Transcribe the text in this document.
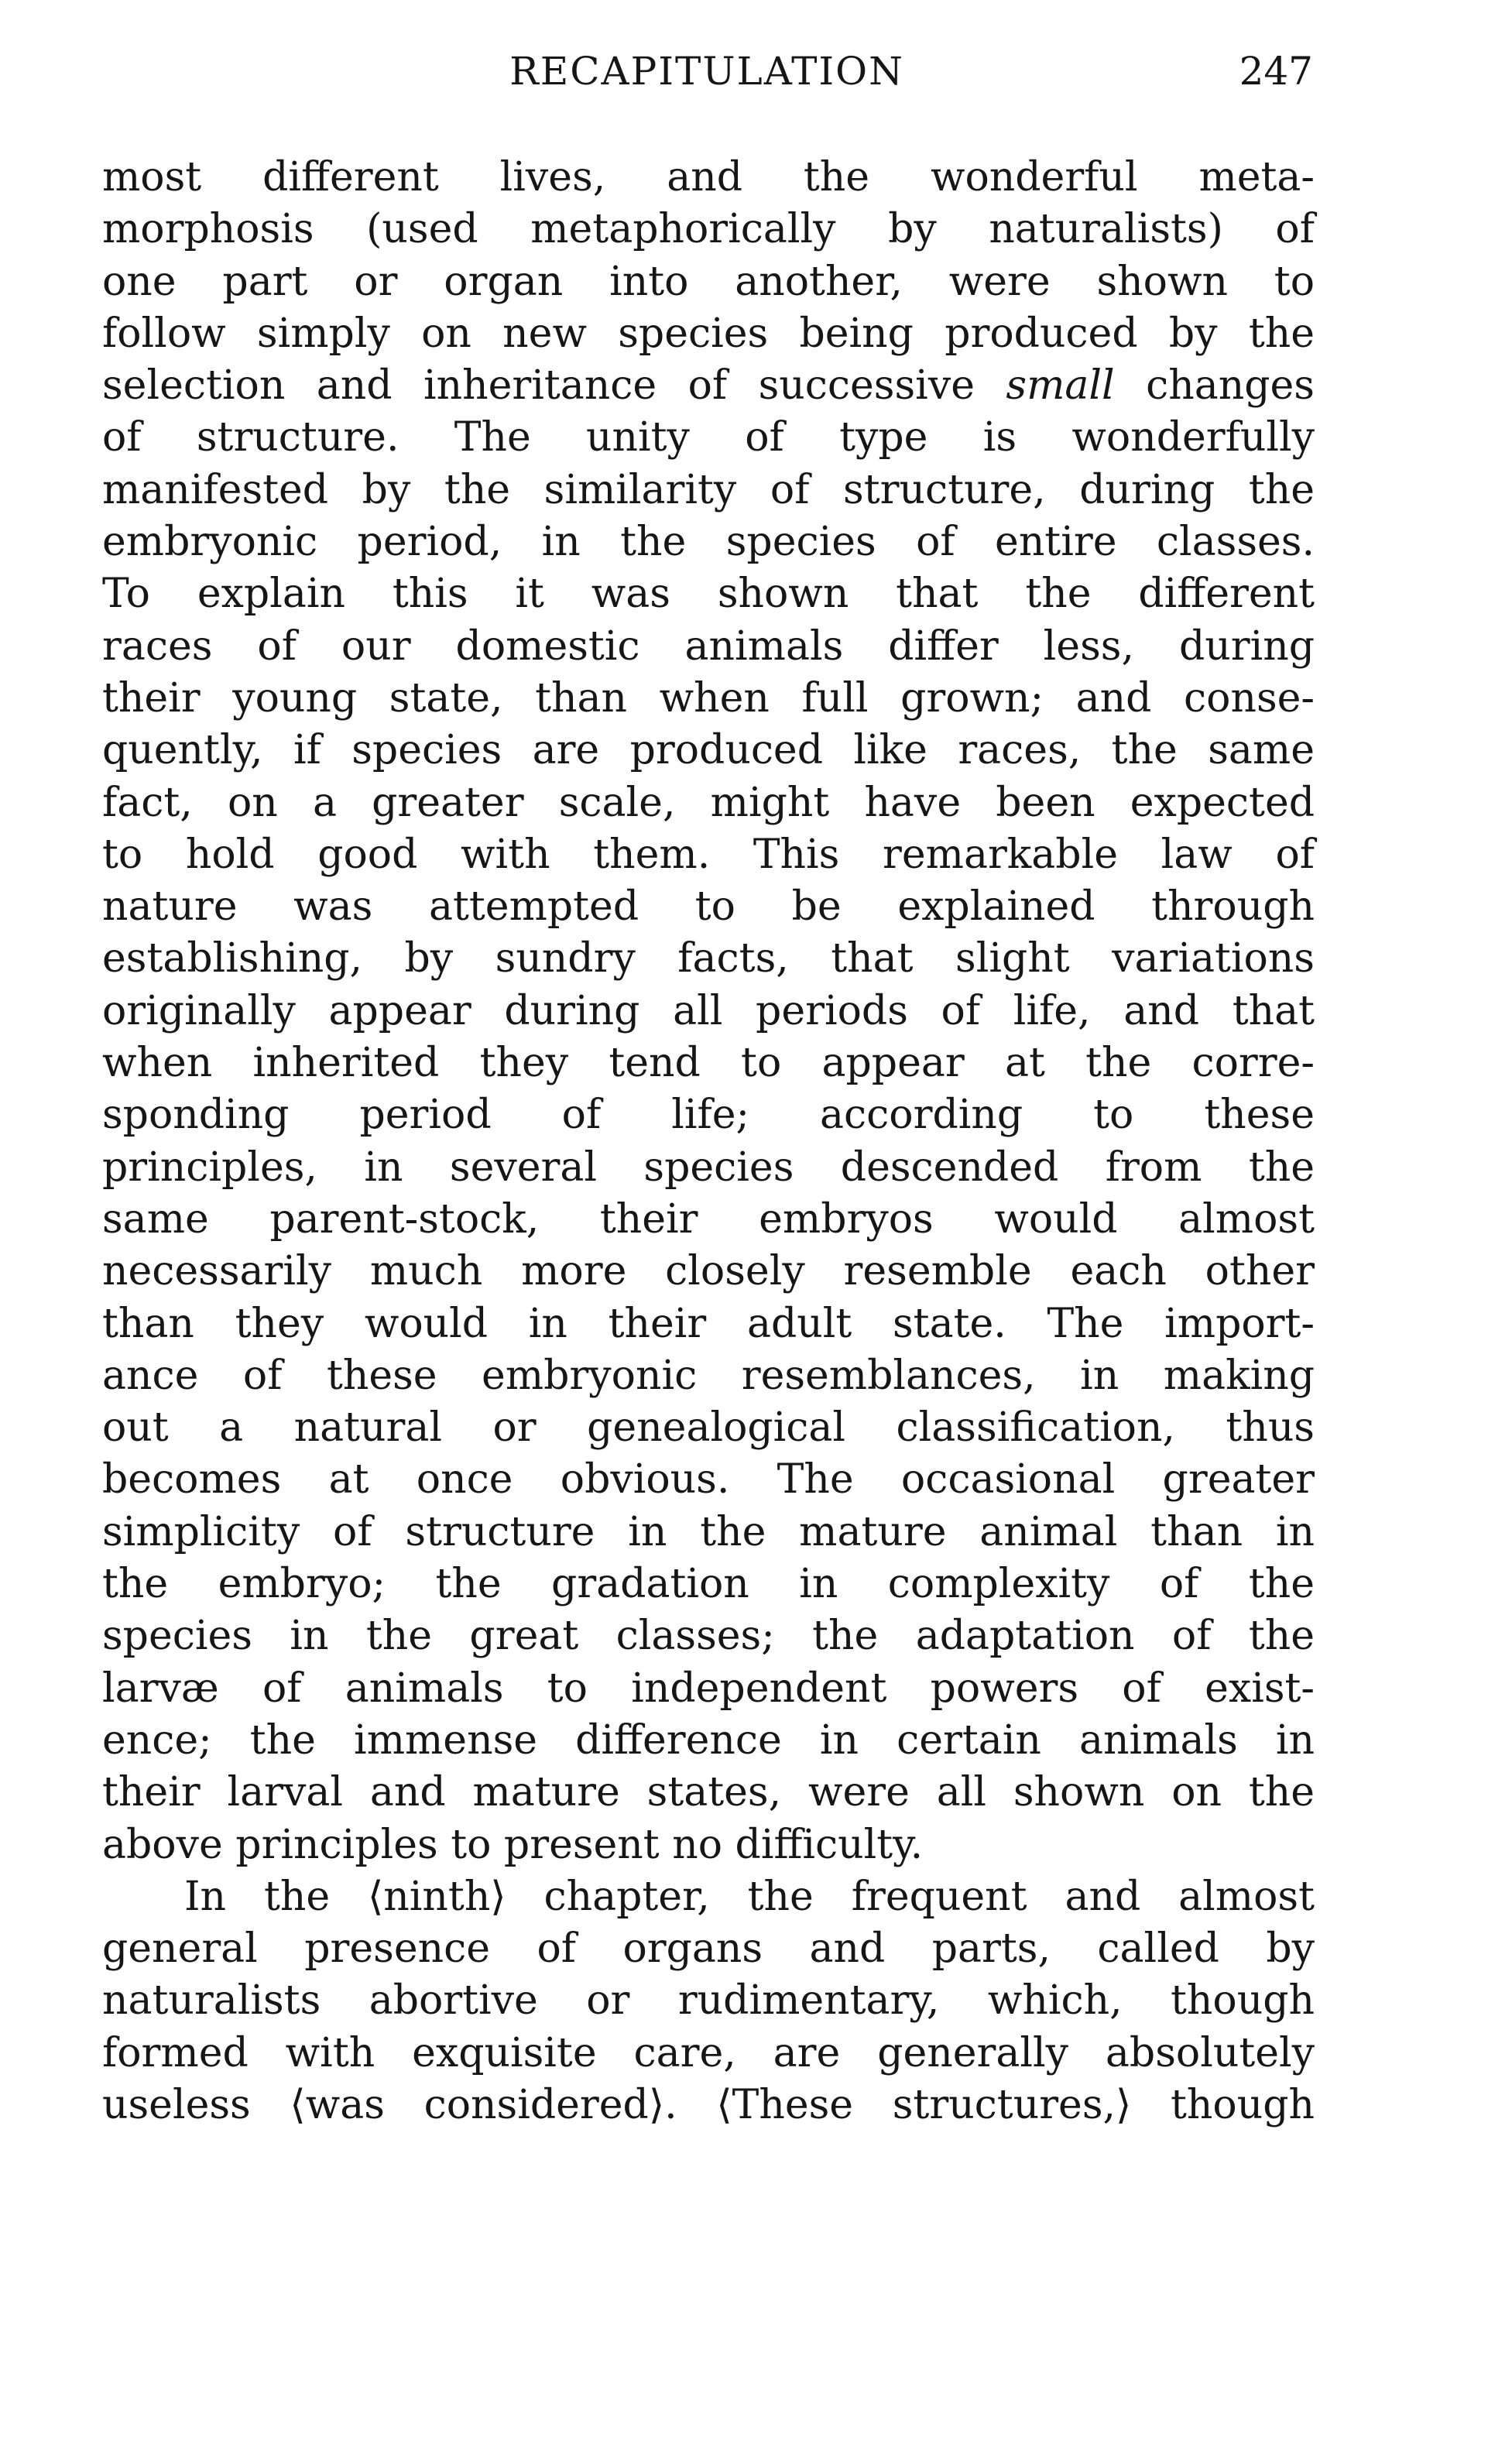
RECAPITULATION	247
most different lives, and the wonderful meta-
morphosis (used metaphorically by naturalists) of
one part or organ into another, were shown to
follow simply on new species being produced by the
selection and inheritance of successive small changes
of structure. The unity of type is wonderfully
manifested by the similarity of structure, during the
embryonic period, in the species of entire classes.
To explain this it was shown that the different
races of our domestic animals differ less, during
their young state, than when full grown; and conse-
quently, if species are produced like races, the same
fact, on a greater scale, might have been expected
to hold good with them. This remarkable law of
nature was attempted to be explained through
establishing, by sundry facts, that slight variations
originally appear during all periods of life, and that
when inherited they tend to appear at the corre-
sponding period of life; according to these
principles, in several species descended from the
same parent-stock, their embryos would almost
necessarily much more closely resemble each other
than they would in their adult state. The import-
ance of these embryonic resemblances, in making
out a natural or genealogical classification, thus
becomes at once obvious. The occasional greater
simplicity of structure in the mature animal than in
the embryo; the gradation in complexity of the
species in the great classes; the adaptation of the
larvæ of animals to independent powers of exist-
ence; the immense difference in certain animals in
their larval and mature states, were all shown on the
above principles to present no difficulty.
In the ⟨ninth⟩ chapter, the frequent and almost
general presence of organs and parts, called by
naturalists abortive or rudimentary, which, though
formed with exquisite care, are generally absolutely
useless ⟨was considered⟩. ⟨These structures,⟩ though
